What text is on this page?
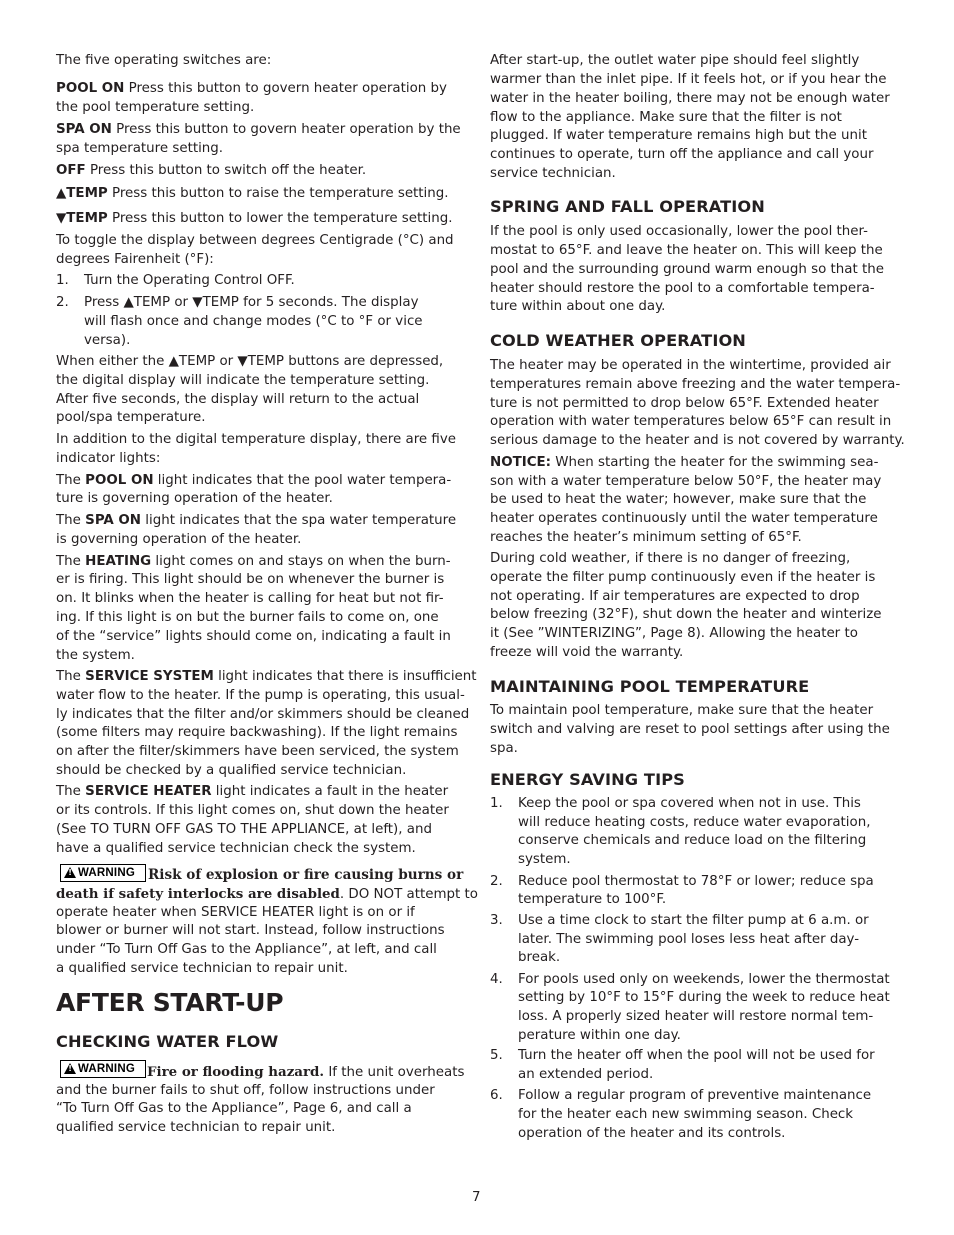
The five operating switches are:
POOL ON Press this button to govern heater operation by
the pool temperature setting.
SPA ON Press this button to govern heater operation by the
spa temperature setting.
OFF Press this button to switch off the heater.
▲TEMP Press this button to raise the temperature setting.
▼TEMP Press this button to lower the temperature setting.
To toggle the display between degrees Centigrade (°C) and
degrees Fairenheit (°F):
1. Turn the Operating Control OFF.
2. Press ▲TEMP or ▼TEMP for 5 seconds. The display
will flash once and change modes (°C to °F or vice
versa).
When either the ▲TEMP or ▼TEMP buttons are depressed,
the digital display will indicate the temperature setting.
After five seconds, the display will return to the actual
pool/spa temperature.
In addition to the digital temperature display, there are five
indicator lights:
The POOL ON light indicates that the pool water tempera-
ture is governing operation of the heater.
The SPA ON light indicates that the spa water temperature
is governing operation of the heater.
The HEATING light comes on and stays on when the burn-
er is firing. This light should be on whenever the burner is
on. It blinks when the heater is calling for heat but not fir-
ing. If this light is on but the burner fails to come on, one
of the “service” lights should come on, indicating a fault in
the system.
The SERVICE SYSTEM light indicates that there is insufficient
water flow to the heater. If the pump is operating, this usual-
ly indicates that the filter and/or skimmers should be cleaned
(some filters may require backwashing). If the light remains
on after the filter/skimmers have been serviced, the system
should be checked by a qualified service technician.
The SERVICE HEATER light indicates a fault in the heater
or its controls. If this light comes on, shut down the heater
(See TO TURN OFF GAS TO THE APPLIANCE, at left), and
have a qualified service technician check the system.
! WARNING Risk of explosion or fire causing burns or
death if safety interlocks are disabled. DO NOT attempt to
operate heater when SERVICE HEATER light is on or if
blower or burner will not start. Instead, follow instructions
under “To Turn Off Gas to the Appliance”, at left, and call
a qualified service technician to repair unit.
AFTER START-UP
CHECKING WATER FLOW
! WARNING Fire or flooding hazard. If the unit overheats
and the burner fails to shut off, follow instructions under
“To Turn Off Gas to the Appliance”, Page 6, and call a
qualified service technician to repair unit.
After start-up, the outlet water pipe should feel slightly
warmer than the inlet pipe. If it feels hot, or if you hear the
water in the heater boiling, there may not be enough water
flow to the appliance. Make sure that the filter is not
plugged. If water temperature remains high but the unit
continues to operate, turn off the appliance and call your
service technician.
SPRING AND FALL OPERATION
If the pool is only used occasionally, lower the pool ther-
mostat to 65°F. and leave the heater on. This will keep the
pool and the surrounding ground warm enough so that the
heater should restore the pool to a comfortable tempera-
ture within about one day.
COLD WEATHER OPERATION
The heater may be operated in the wintertime, provided air
temperatures remain above freezing and the water tempera-
ture is not permitted to drop below 65°F. Extended heater
operation with water temperatures below 65°F can result in
serious damage to the heater and is not covered by warranty.
NOTICE: When starting the heater for the swimming sea-
son with a water temperature below 50°F, the heater may
be used to heat the water; however, make sure that the
heater operates continuously until the water temperature
reaches the heater’s minimum setting of 65°F.
During cold weather, if there is no danger of freezing,
operate the filter pump continuously even if the heater is
not operating. If air temperatures are expected to drop
below freezing (32°F), shut down the heater and winterize
it (See ”WINTERIZING”, Page 8). Allowing the heater to
freeze will void the warranty.
MAINTAINING POOL TEMPERATURE
To maintain pool temperature, make sure that the heater
switch and valving are reset to pool settings after using the
spa.
ENERGY SAVING TIPS
1. Keep the pool or spa covered when not in use. This
will reduce heating costs, reduce water evaporation,
conserve chemicals and reduce load on the filtering
system.
2. Reduce pool thermostat to 78°F or lower; reduce spa
temperature to 100°F.
3. Use a time clock to start the filter pump at 6 a.m. or
later. The swimming pool loses less heat after day-
break.
4. For pools used only on weekends, lower the thermostat
setting by 10°F to 15°F during the week to reduce heat
loss. A properly sized heater will restore normal tem-
perature within one day.
5. Turn the heater off when the pool will not be used for
an extended period.
6. Follow a regular program of preventive maintenance
for the heater each new swimming season. Check
operation of the heater and its controls.
7
